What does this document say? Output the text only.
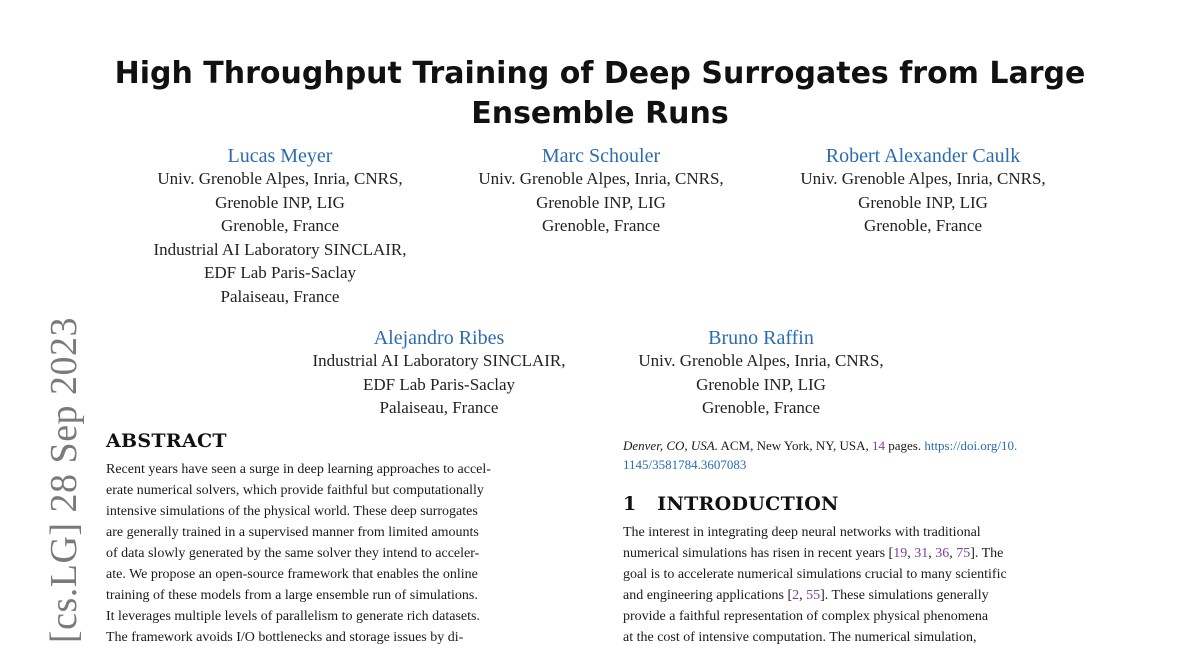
[cs.LG] 28 Sep 2023
High Throughput Training of Deep Surrogates from Large
Ensemble Runs
Lucas Meyer
Univ. Grenoble Alpes, Inria, CNRS,
Grenoble INP, LIG
Grenoble, France
Industrial AI Laboratory SINCLAIR,
EDF Lab Paris-Saclay
Palaiseau, France
Marc Schouler
Univ. Grenoble Alpes, Inria, CNRS,
Grenoble INP, LIG
Grenoble, France
Robert Alexander Caulk
Univ. Grenoble Alpes, Inria, CNRS,
Grenoble INP, LIG
Grenoble, France
Alejandro Ribes
Industrial AI Laboratory SINCLAIR,
EDF Lab Paris-Saclay
Palaiseau, France
Bruno Raffin
Univ. Grenoble Alpes, Inria, CNRS,
Grenoble INP, LIG
Grenoble, France
ABSTRACT
Recent years have seen a surge in deep learning approaches to accel-
erate numerical solvers, which provide faithful but computationally
intensive simulations of the physical world. These deep surrogates
are generally trained in a supervised manner from limited amounts
of data slowly generated by the same solver they intend to acceler-
ate. We propose an open-source framework that enables the online
training of these models from a large ensemble run of simulations.
It leverages multiple levels of parallelism to generate rich datasets.
The framework avoids I/O bottlenecks and storage issues by di-
Denver, CO, USA. ACM, New York, NY, USA, 14 pages. https://doi.org/10.
1145/3581784.3607083
1   INTRODUCTION
The interest in integrating deep neural networks with traditional
numerical simulations has risen in recent years [19, 31, 36, 75]. The
goal is to accelerate numerical simulations crucial to many scientific
and engineering applications [2, 55]. These simulations generally
provide a faithful representation of complex physical phenomena
at the cost of intensive computation. The numerical simulation,
